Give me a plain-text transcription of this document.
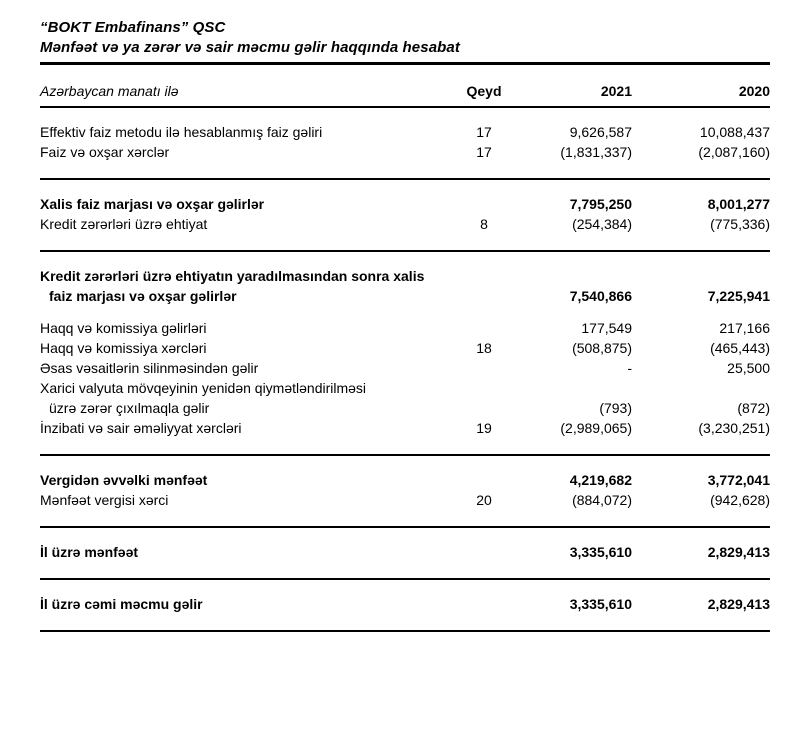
“BOKT Embafinans” QSC
Mənfəət və ya zərər və sair məcmu gəlir haqqında hesabat
Azərbaycan manatı ilə	Qeyd	2021	2020
Effektiv faiz metodu ilə hesablanmış faiz gəliri	17	9,626,587	10,088,437
Faiz və oxşar xərclər	17	(1,831,337)	(2,087,160)
Xalis faiz marjası və oxşar gəlirlər	7,795,250	8,001,277
Kredit zərərləri üzrə ehtiyat	8	(254,384)	(775,336)
Kredit zərərləri üzrə ehtiyatın yaradılmasından sonra xalis
faiz marjası və oxşar gəlirlər	7,540,866	7,225,941
Haqq və komissiya gəlirləri	177,549	217,166
Haqq və komissiya xərcləri	18	(508,875)	(465,443)
Əsas vəsaitlərin silinməsindən gəlir	-	25,500
Xarici valyuta mövqeyinin yenidən qiymətləndirilməsi
üzrə zərər çıxılmaqla gəlir	(793)	(872)
İnzibati və sair əməliyyat xərcləri	19	(2,989,065)	(3,230,251)
Vergidən əvvəlki mənfəət	4,219,682	3,772,041
Mənfəət vergisi xərci	20	(884,072)	(942,628)
İl üzrə mənfəət	3,335,610	2,829,413
İl üzrə cəmi məcmu gəlir	3,335,610	2,829,413
